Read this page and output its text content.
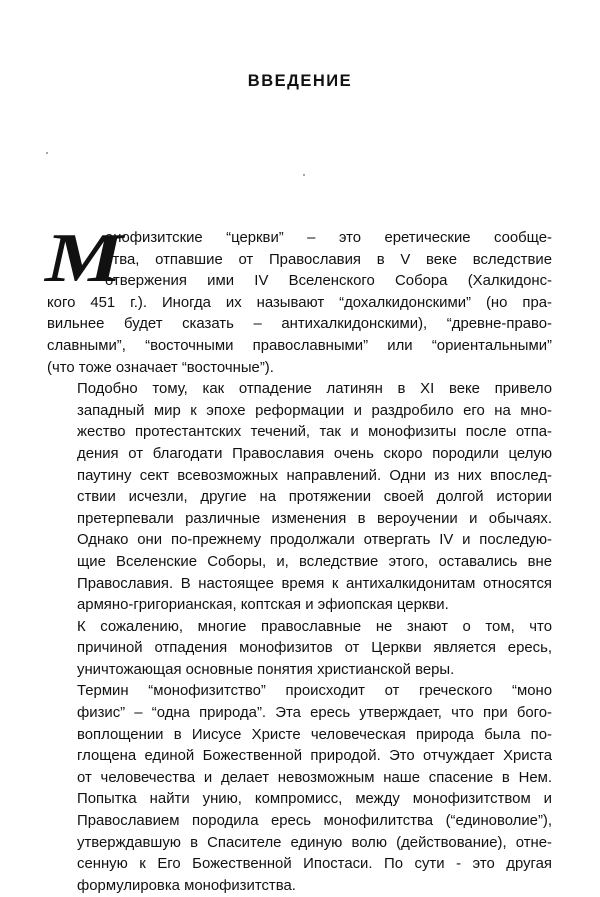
ВВЕДЕНИЕ
М

онофизитские “церкви” – это еретические сообще-
ства, отпавшие от Православия в V веке вследствие
отвержения ими IV Вселенского Собора (Халкидонс-
кого 451 г.). Иногда их называют “дохалкидонскими” (но пра-
вильнее будет сказать – антихалкидонскими), “древне-право-
славными”, “восточными православными” или “ориентальными”
(что тоже означает “восточные”).

Подобно тому, как отпадение латинян в XI веке привело
западный мир к эпохе реформации и раздробило его на мно-
жество протестантских течений, так и монофизиты после отпа-
дения от благодати Православия очень скоро породили целую
паутину сект всевозможных направлений. Одни из них впослед-
ствии исчезли, другие на протяжении своей долгой истории
претерпевали различные изменения в вероучении и обычаях.
Однако они по-прежнему продолжали отвергать IV и последую-
щие Вселенские Соборы, и, вследствие этого, оставались вне
Православия. В настоящее время к антихалкидонитам относятся
армяно-григорианская, коптская и эфиопская церкви.

К сожалению, многие православные не знают о том, что
причиной отпадения монофизитов от Церкви является ересь,
уничтожающая основные понятия христианской веры.

Термин “монофизитство” происходит от греческого “моно
физис” – “одна природа”. Эта ересь утверждает, что при бого-
воплощении в Иисусе Христе человеческая природа была по-
глощена единой Божественной природой. Это отчуждает Христа
от человечества и делает невозможным наше спасение в Нем.
Попытка найти унию, компромисс, между монофизитством и
Православием породила ересь монофилитства (“единоволие”),
утверждавшую в Спасителе единую волю (действование), отне-
сенную к Его Божественной Ипостаси. По сути - это другая
формулировка монофизитства.
